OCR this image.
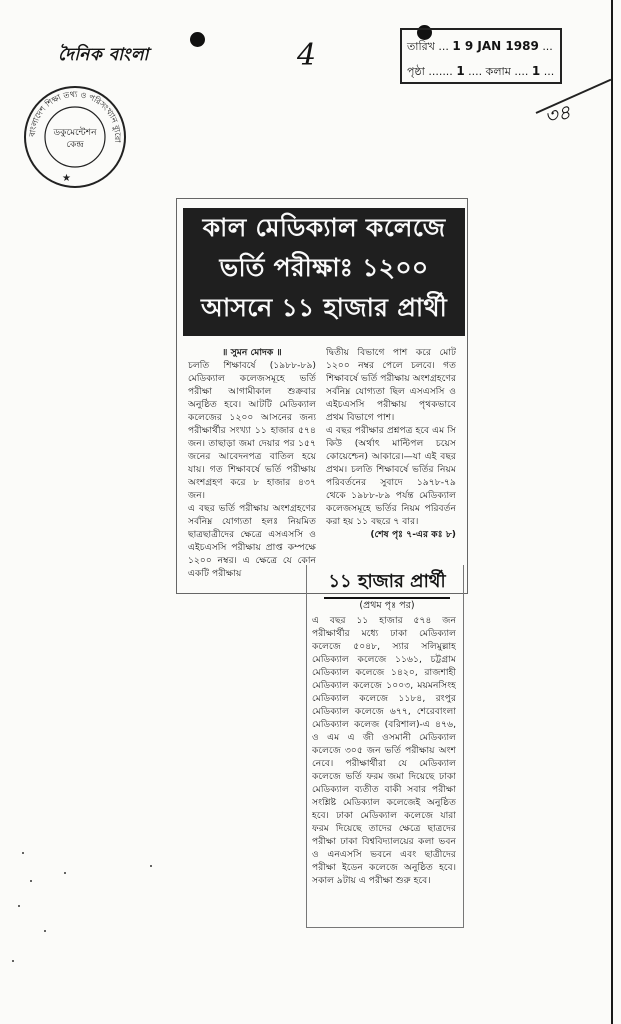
দৈনিক বাংলা	4	তারিখ ... 1 9 JAN 1989 ...
পৃষ্ঠা ....... 1 .... কলাম .... 1 ...
৩৪
বাংলাদেশ শিক্ষা তথ্য ও পরিসংখ্যান ব্যুরো
ডকুমেন্টেশন
কেন্দ্র
★
কাল মেডিক্যাল কলেজে
ভর্তি পরীক্ষাঃ ১২০০
আসনে ১১ হাজার প্রার্থী

॥ সুমন মোদক ॥

চলতি শিক্ষাবর্ষে (১৯৮৮-৮৯) মেডিক্যাল কলেজসমূহে ভর্তি পরীক্ষা আগামীকাল শুক্রবার অনুষ্ঠিত হবে। আটটি মেডিক্যাল কলেজের ১২০০ আসনের জন্য পরীক্ষার্থীর সংখ্যা ১১ হাজার ৫৭৪ জন। তাছাড়া জমা দেয়ার পর ১৫৭ জনের আবেদনপত্র বাতিল হয়ে যায়। গত শিক্ষাবর্ষে ভর্তি পরীক্ষায় অংশগ্রহণ করে ৮ হাজার ৪৩৭ জন।

এ বছর ভর্তি পরীক্ষায় অংশগ্রহণের সর্বনিম্ন যোগ্যতা হলঃ নিয়মিত ছাত্রছাত্রীদের ক্ষেত্রে এসএসসি ও এইচএসসি পরীক্ষায় প্রাপ্ত কম্পক্ষে ১২০০ নম্বর। এ ক্ষেত্রে যে কোন একটি পরীক্ষায়

দ্বিতীয় বিভাগে পাশ করে মোট ১২০০ নম্বর পেলে চলবে। গত শিক্ষাবর্ষে ভর্তি পরীক্ষায় অংশগ্রহণের সর্বনিম্ন যোগ্যতা ছিল এসএসসি ও এইচএসসি পরীক্ষায় পৃথকভাবে প্রথম বিভাগে পাশ।

এ বছর পরীক্ষার প্রশ্নপত্র হবে এম সি কিউ (অর্থাৎ মাল্টিপল চয়েস কোয়েশ্চেন) আকারে।—যা এই বছর প্রথম। চলতি শিক্ষাবর্ষে ভর্তির নিয়ম পরিবর্তনের সুবাদে ১৯৭৮-৭৯ থেকে ১৯৮৮-৮৯ পর্যন্ত মেডিক্যাল কলেজসমূহে ভর্তির নিয়ম পরিবর্তন করা হয় ১১ বছরে ৭ বার।

(শেষ পৃঃ ৭-এর কঃ ৮)

১১ হাজার প্রার্থী
(প্রথম পৃঃ পর)

এ বছর ১১ হাজার ৫৭৪ জন পরীক্ষার্থীর মধ্যে ঢাকা মেডিক্যাল কলেজে ৫০৪৮, স্যার সলিমুল্লাহ মেডিক্যাল কলেজে ১১৬১, চট্টগ্রাম মেডিক্যাল কলেজে ১৪২০, রাজশাহী মেডিক্যাল কলেজে ১০০৩, ময়মনসিংহ মেডিক্যাল কলেজে ১১৮৪, রংপুর মেডিক্যাল কলেজে ৬৭৭, শেরেবাংলা মেডিক্যাল কলেজ (বরিশাল)-এ ৪৭৬, ও এম এ জী ওসমানী মেডিক্যাল কলেজে ৩০৫ জন ভর্তি পরীক্ষায় অংশ নেবে। পরীক্ষার্থীরা যে মেডিক্যাল কলেজে ভর্তি ফরম জমা দিয়েছে ঢাকা মেডিক্যাল ব্যতীত বাকী সবার পরীক্ষা সংশ্লিষ্ট মেডিক্যাল কলেজেই অনুষ্ঠিত হবে। ঢাকা মেডিক্যাল কলেজে যারা ফরম দিয়েছে তাদের ক্ষেত্রে ছাত্রদের পরীক্ষা ঢাকা বিশ্ববিদ্যালয়ের কলা ভবন ও এনএসসি ভবনে এবং ছাত্রীদের পরীক্ষা ইডেন কলেজে অনুষ্ঠিত হবে। সকাল ৯টায় এ পরীক্ষা শুরু হবে।
